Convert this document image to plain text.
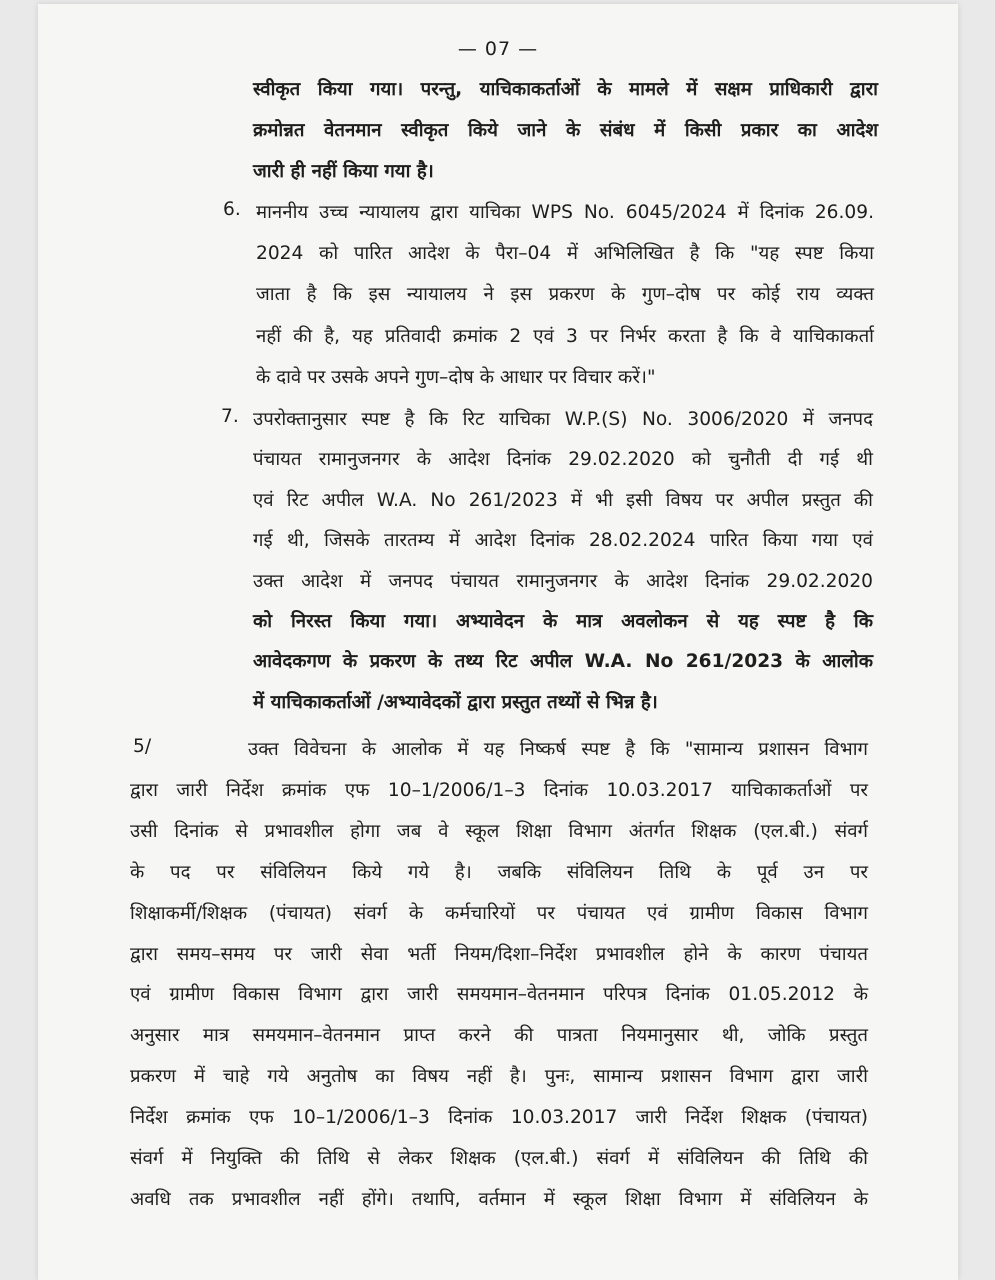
— 07 —
स्वीकृत किया गया। परन्तु, याचिकाकर्ताओं के मामले में सक्षम प्राधिकारी द्वारा
क्रमोन्नत वेतनमान स्वीकृत किये जाने के संबंध में किसी प्रकार का आदेश
जारी ही नहीं किया गया है।
6. माननीय उच्च न्यायालय द्वारा याचिका WPS No. 6045/2024 में दिनांक 26.09.
2024 को पारित आदेश के पैरा–04 में अभिलिखित है कि "यह स्पष्ट किया
जाता है कि इस न्यायालय ने इस प्रकरण के गुण–दोष पर कोई राय व्यक्त
नहीं की है, यह प्रतिवादी क्रमांक 2 एवं 3 पर निर्भर करता है कि वे याचिकाकर्ता
के दावे पर उसके अपने गुण–दोष के आधार पर विचार करें।"
7. उपरोक्तानुसार स्पष्ट है कि रिट याचिका W.P.(S) No. 3006/2020 में जनपद
पंचायत रामानुजनगर के आदेश दिनांक 29.02.2020 को चुनौती दी गई थी
एवं रिट अपील W.A. No 261/2023 में भी इसी विषय पर अपील प्रस्तुत की
गई थी, जिसके तारतम्य में आदेश दिनांक 28.02.2024 पारित किया गया एवं
उक्त आदेश में जनपद पंचायत रामानुजनगर के आदेश दिनांक 29.02.2020
को निरस्त किया गया। अभ्यावेदन के मात्र अवलोकन से यह स्पष्ट है कि
आवेदकगण के प्रकरण के तथ्य रिट अपील W.A. No 261/2023 के आलोक
में याचिकाकर्ताओं /अभ्यावेदकों द्वारा प्रस्तुत तथ्यों से भिन्न है।
5/	उक्त विवेचना के आलोक में यह निष्कर्ष स्पष्ट है कि "सामान्य प्रशासन विभाग
द्वारा जारी निर्देश क्रमांक एफ 10–1/2006/1–3 दिनांक 10.03.2017 याचिकाकर्ताओं पर
उसी दिनांक से प्रभावशील होगा जब वे स्कूल शिक्षा विभाग अंतर्गत शिक्षक (एल.बी.) संवर्ग
के पद पर संविलियन किये गये है। जबकि संविलियन तिथि के पूर्व उन पर
शिक्षाकर्मी/शिक्षक (पंचायत) संवर्ग के कर्मचारियों पर पंचायत एवं ग्रामीण विकास विभाग
द्वारा समय–समय पर जारी सेवा भर्ती नियम/दिशा–निर्देश प्रभावशील होने के कारण पंचायत
एवं ग्रामीण विकास विभाग द्वारा जारी समयमान–वेतनमान परिपत्र दिनांक 01.05.2012 के
अनुसार मात्र समयमान–वेतनमान प्राप्त करने की पात्रता नियमानुसार थी, जोकि प्रस्तुत
प्रकरण में चाहे गये अनुतोष का विषय नहीं है। पुनः, सामान्य प्रशासन विभाग द्वारा जारी
निर्देश क्रमांक एफ 10–1/2006/1–3 दिनांक 10.03.2017 जारी निर्देश शिक्षक (पंचायत)
संवर्ग में नियुक्ति की तिथि से लेकर शिक्षक (एल.बी.) संवर्ग में संविलियन की तिथि की
अवधि तक प्रभावशील नहीं होंगे। तथापि, वर्तमान में स्कूल शिक्षा विभाग में संविलियन के
